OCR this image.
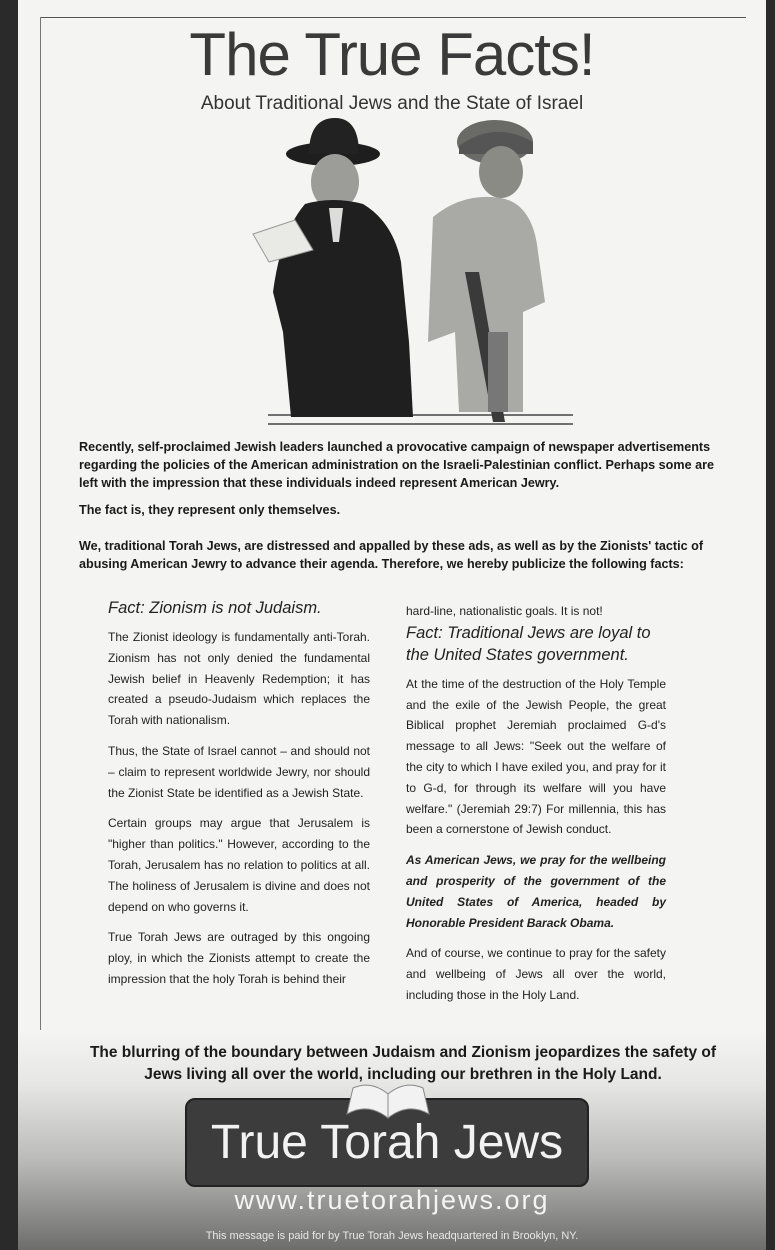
The True Facts!
About Traditional Jews and the State of Israel

Recently, self-proclaimed Jewish leaders launched a provocative campaign of newspaper advertisements regarding the policies of the American administration on the Israeli-Palestinian conflict. Perhaps some are left with the impression that these individuals indeed represent American Jewry.

The fact is, they represent only themselves.

We, traditional Torah Jews, are distressed and appalled by these ads, as well as by the Zionists' tactic of abusing American Jewry to advance their agenda. Therefore, we hereby publicize the following facts:

Fact: Zionism is not Judaism.

The Zionist ideology is fundamentally anti-Torah. Zionism has not only denied the fundamental Jewish belief in Heavenly Redemption; it has created a pseudo-Judaism which replaces the Torah with nationalism.

Thus, the State of Israel cannot – and should not – claim to represent worldwide Jewry, nor should the Zionist State be identified as a Jewish State.

Certain groups may argue that Jerusalem is "higher than politics." However, according to the Torah, Jerusalem has no relation to politics at all. The holiness of Jerusalem is divine and does not depend on who governs it.

True Torah Jews are outraged by this ongoing ploy, in which the Zionists attempt to create the impression that the holy Torah is behind their

hard-line, nationalistic goals. It is not!

Fact: Traditional Jews are loyal to the United States government.

At the time of the destruction of the Holy Temple and the exile of the Jewish People, the great Biblical prophet Jeremiah proclaimed G-d's message to all Jews: "Seek out the welfare of the city to which I have exiled you, and pray for it to G-d, for through its welfare will you have welfare." (Jeremiah 29:7) For millennia, this has been a cornerstone of Jewish conduct.

As American Jews, we pray for the wellbeing and prosperity of the government of the United States of America, headed by Honorable President Barack Obama.

And of course, we continue to pray for the safety and wellbeing of Jews all over the world, including those in the Holy Land.

The blurring of the boundary between Judaism and Zionism jeopardizes the safety of Jews living all over the world, including our brethren in the Holy Land.

True Torah Jews
www.truetorahjews.org
This message is paid for by True Torah Jews headquartered in Brooklyn, NY.
